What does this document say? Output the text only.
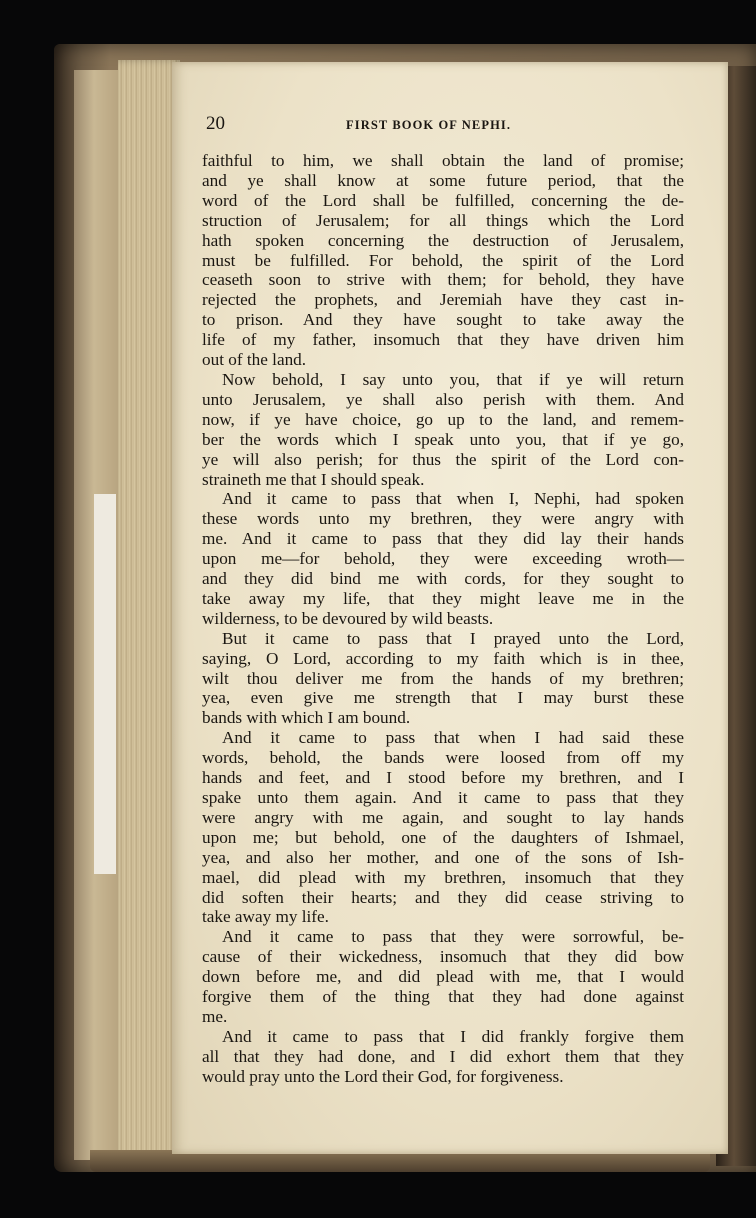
20	FIRST BOOK OF NEPHI.
faithful to him, we shall obtain the land of promise;
and ye shall know at some future period, that the
word of the Lord shall be fulfilled, concerning the de-
struction of Jerusalem; for all things which the Lord
hath spoken concerning the destruction of Jerusalem,
must be fulfilled. For behold, the spirit of the Lord
ceaseth soon to strive with them; for behold, they have
rejected the prophets, and Jeremiah have they cast in-
to prison. And they have sought to take away the
life of my father, insomuch that they have driven him
out of the land.
Now behold, I say unto you, that if ye will return
unto Jerusalem, ye shall also perish with them. And
now, if ye have choice, go up to the land, and remem-
ber the words which I speak unto you, that if ye go,
ye will also perish; for thus the spirit of the Lord con-
straineth me that I should speak.
And it came to pass that when I, Nephi, had spoken
these words unto my brethren, they were angry with
me. And it came to pass that they did lay their hands
upon me—for behold, they were exceeding wroth—
and they did bind me with cords, for they sought to
take away my life, that they might leave me in the
wilderness, to be devoured by wild beasts.
But it came to pass that I prayed unto the Lord,
saying, O Lord, according to my faith which is in thee,
wilt thou deliver me from the hands of my brethren;
yea, even give me strength that I may burst these
bands with which I am bound.
And it came to pass that when I had said these
words, behold, the bands were loosed from off my
hands and feet, and I stood before my brethren, and I
spake unto them again. And it came to pass that they
were angry with me again, and sought to lay hands
upon me; but behold, one of the daughters of Ishmael,
yea, and also her mother, and one of the sons of Ish-
mael, did plead with my brethren, insomuch that they
did soften their hearts; and they did cease striving to
take away my life.
And it came to pass that they were sorrowful, be-
cause of their wickedness, insomuch that they did bow
down before me, and did plead with me, that I would
forgive them of the thing that they had done against
me.
And it came to pass that I did frankly forgive them
all that they had done, and I did exhort them that they
would pray unto the Lord their God, for forgiveness.
